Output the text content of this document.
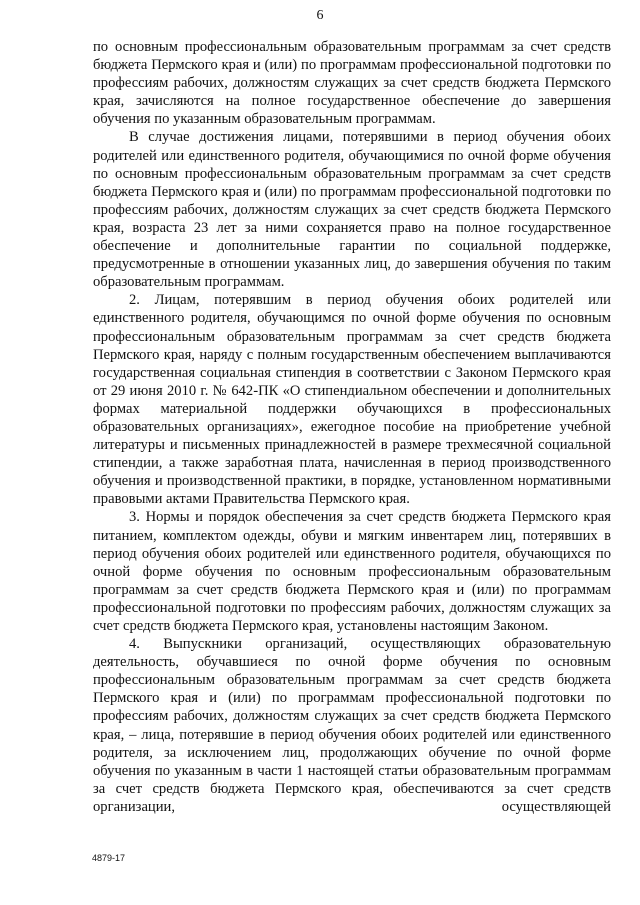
6

по основным профессиональным образовательным программам за счет средств бюджета Пермского края и (или) по программам профессиональной подготовки по профессиям рабочих, должностям служащих за счет средств бюджета Пермского края, зачисляются на полное государственное обеспечение до завершения обучения по указанным образовательным программам.

В случае достижения лицами, потерявшими в период обучения обоих родителей или единственного родителя, обучающимися по очной форме обучения по основным профессиональным образовательным программам за счет средств бюджета Пермского края и (или) по программам профессиональной подготовки по профессиям рабочих, должностям служащих за счет средств бюджета Пермского края, возраста 23 лет за ними сохраняется право на полное государственное обеспечение и дополнительные гарантии по социальной поддержке, предусмотренные в отношении указанных лиц, до завершения обучения по таким образовательным программам.

2. Лицам, потерявшим в период обучения обоих родителей или единственного родителя, обучающимся по очной форме обучения по основным профессиональным образовательным программам за счет средств бюджета Пермского края, наряду с полным государственным обеспечением выплачиваются государственная социальная стипендия в соответствии с Законом Пермского края от 29 июня 2010 г. № 642-ПК «О стипендиальном обеспечении и дополнительных формах материальной поддержки обучающихся в профессиональных образовательных организациях», ежегодное пособие на приобретение учебной литературы и письменных принадлежностей в размере трехмесячной социальной стипендии, а также заработная плата, начисленная в период производственного обучения и производственной практики, в порядке, установленном нормативными правовыми актами Правительства Пермского края.

3. Нормы и порядок обеспечения за счет средств бюджета Пермского края питанием, комплектом одежды, обуви и мягким инвентарем лиц, потерявших в период обучения обоих родителей или единственного родителя, обучающихся по очной форме обучения по основным профессиональным образовательным программам за счет средств бюджета Пермского края и (или) по программам профессиональной подготовки по профессиям рабочих, должностям служащих за счет средств бюджета Пермского края, установлены настоящим Законом.

4. Выпускники организаций, осуществляющих образовательную деятельность, обучавшиеся по очной форме обучения по основным профессиональным образовательным программам за счет средств бюджета Пермского края и (или) по программам профессиональной подготовки по профессиям рабочих, должностям служащих за счет средств бюджета Пермского края, – лица, потерявшие в период обучения обоих родителей или единственного родителя, за исключением лиц, продолжающих обучение по очной форме обучения по указанным в части 1 настоящей статьи образовательным программам за счет средств бюджета Пермского края, обеспечиваются за счет средств организации, осуществляющей

4879-17
